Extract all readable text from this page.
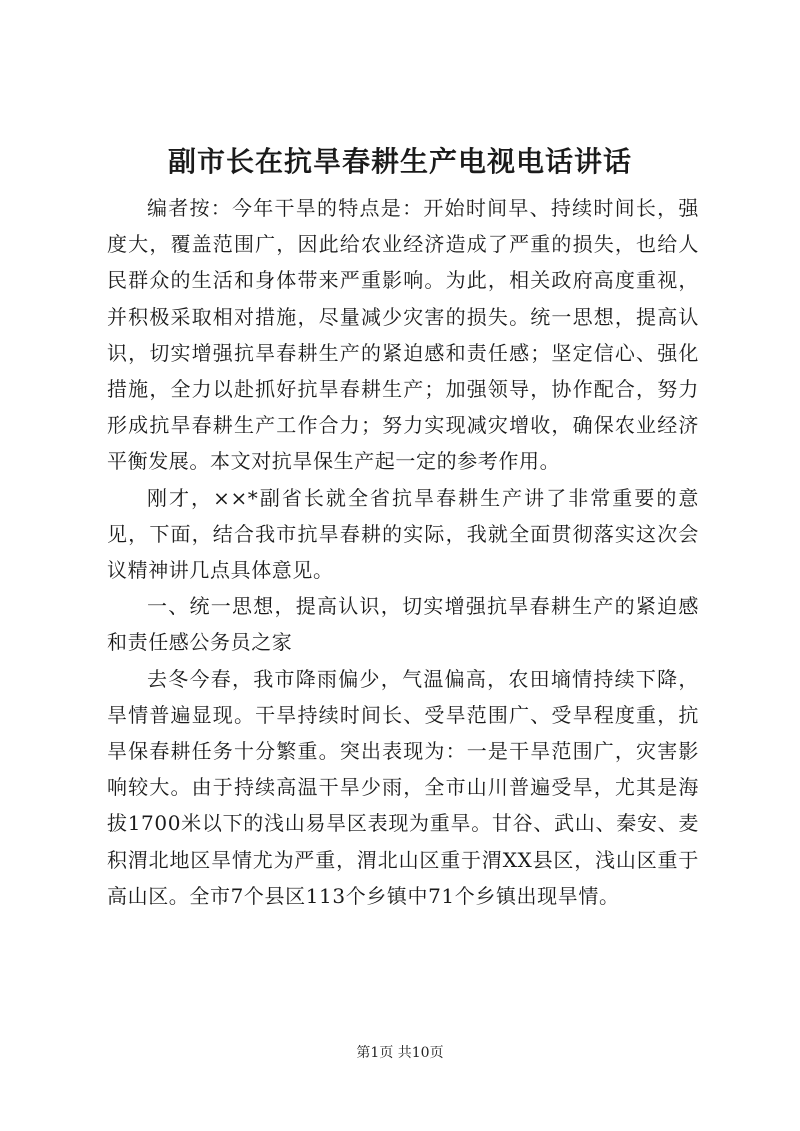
副市长在抗旱春耕生产电视电话讲话

编者按：今年干旱的特点是：开始时间早、持续时间长，强度大，覆盖范围广，因此给农业经济造成了严重的损失，也给人民群众的生活和身体带来严重影响。为此，相关政府高度重视，并积极采取相对措施，尽量减少灾害的损失。统一思想，提高认识，切实增强抗旱春耕生产的紧迫感和责任感；坚定信心、强化措施，全力以赴抓好抗旱春耕生产；加强领导，协作配合，努力形成抗旱春耕生产工作合力；努力实现减灾增收，确保农业经济平衡发展。本文对抗旱保生产起一定的参考作用。

刚才，××*副省长就全省抗旱春耕生产讲了非常重要的意见，下面，结合我市抗旱春耕的实际，我就全面贯彻落实这次会议精神讲几点具体意见。

一、统一思想，提高认识，切实增强抗旱春耕生产的紧迫感和责任感公务员之家

去冬今春，我市降雨偏少，气温偏高，农田墒情持续下降，旱情普遍显现。干旱持续时间长、受旱范围广、受旱程度重，抗旱保春耕任务十分繁重。突出表现为：一是干旱范围广，灾害影响较大。由于持续高温干旱少雨，全市山川普遍受旱，尤其是海拔1700米以下的浅山易旱区表现为重旱。甘谷、武山、秦安、麦积渭北地区旱情尤为严重，渭北山区重于渭XX县区，浅山区重于高山区。全市7个县区113个乡镇中71个乡镇出现旱情。

第1页 共10页
